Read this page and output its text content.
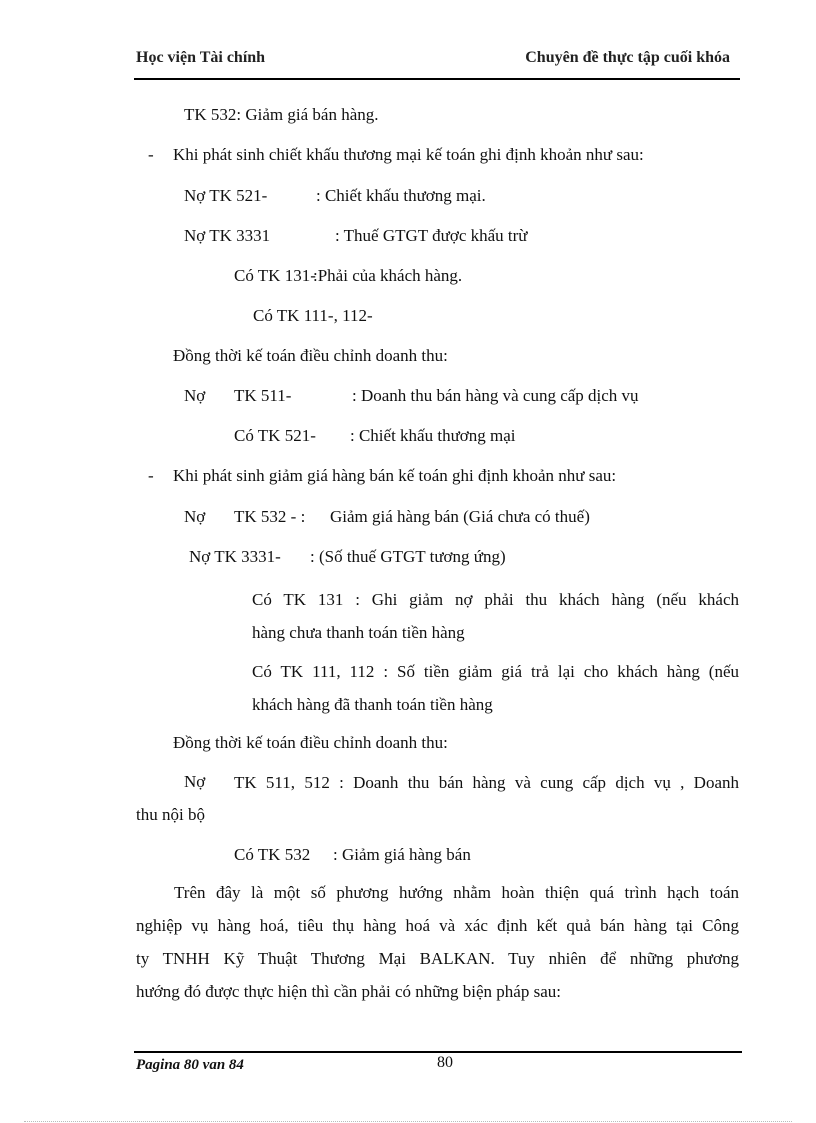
Học viện Tài chính	Chuyên đề thực tập cuối khóa
TK 532: Giảm giá bán hàng.
- Khi phát sinh chiết khấu thương mại kế toán ghi định khoản như sau:
Nợ TK 521-	: Chiết khấu thương mại.
Nợ TK 3331	: Thuế GTGT được khấu trừ
Có TK 131-
:Phải của khách hàng.
Có TK 111-, 112-
Đồng thời kế toán điều chỉnh doanh thu:
Nợ TK 511-	: Doanh thu bán hàng và cung cấp dịch vụ
Có TK 521- : Chiết khấu thương mại
- Khi phát sinh giảm giá hàng bán kế toán ghi định khoản như sau:
Nợ TK 532 - : Giảm giá hàng bán (Giá chưa có thuế)
Nợ TK 3331- : (Số thuế GTGT tương ứng)
Có TK 131 : Ghi giảm nợ phải thu khách hàng (nếu khách
hàng chưa thanh toán tiền hàng
Có TK 111, 112 : Số tiền giảm giá trả lại cho khách hàng (nếu
khách hàng đã thanh toán tiền hàng
Đồng thời kế toán điều chỉnh doanh thu:
Nợ TK 511, 512 : Doanh thu bán hàng và cung cấp dịch vụ , Doanh
thu nội bộ
Có TK 532 : Giảm giá hàng bán
Trên đây là một số phương hướng nhằm hoàn thiện quá trình hạch toán
nghiệp vụ hàng hoá, tiêu thụ hàng hoá và xác định kết quả bán hàng tại Công
ty TNHH Kỹ Thuật Thương Mại BALKAN. Tuy nhiên để những phương
hướng đó được thực hiện thì cần phải có những biện pháp sau:
Pagina 80 van 84	80
